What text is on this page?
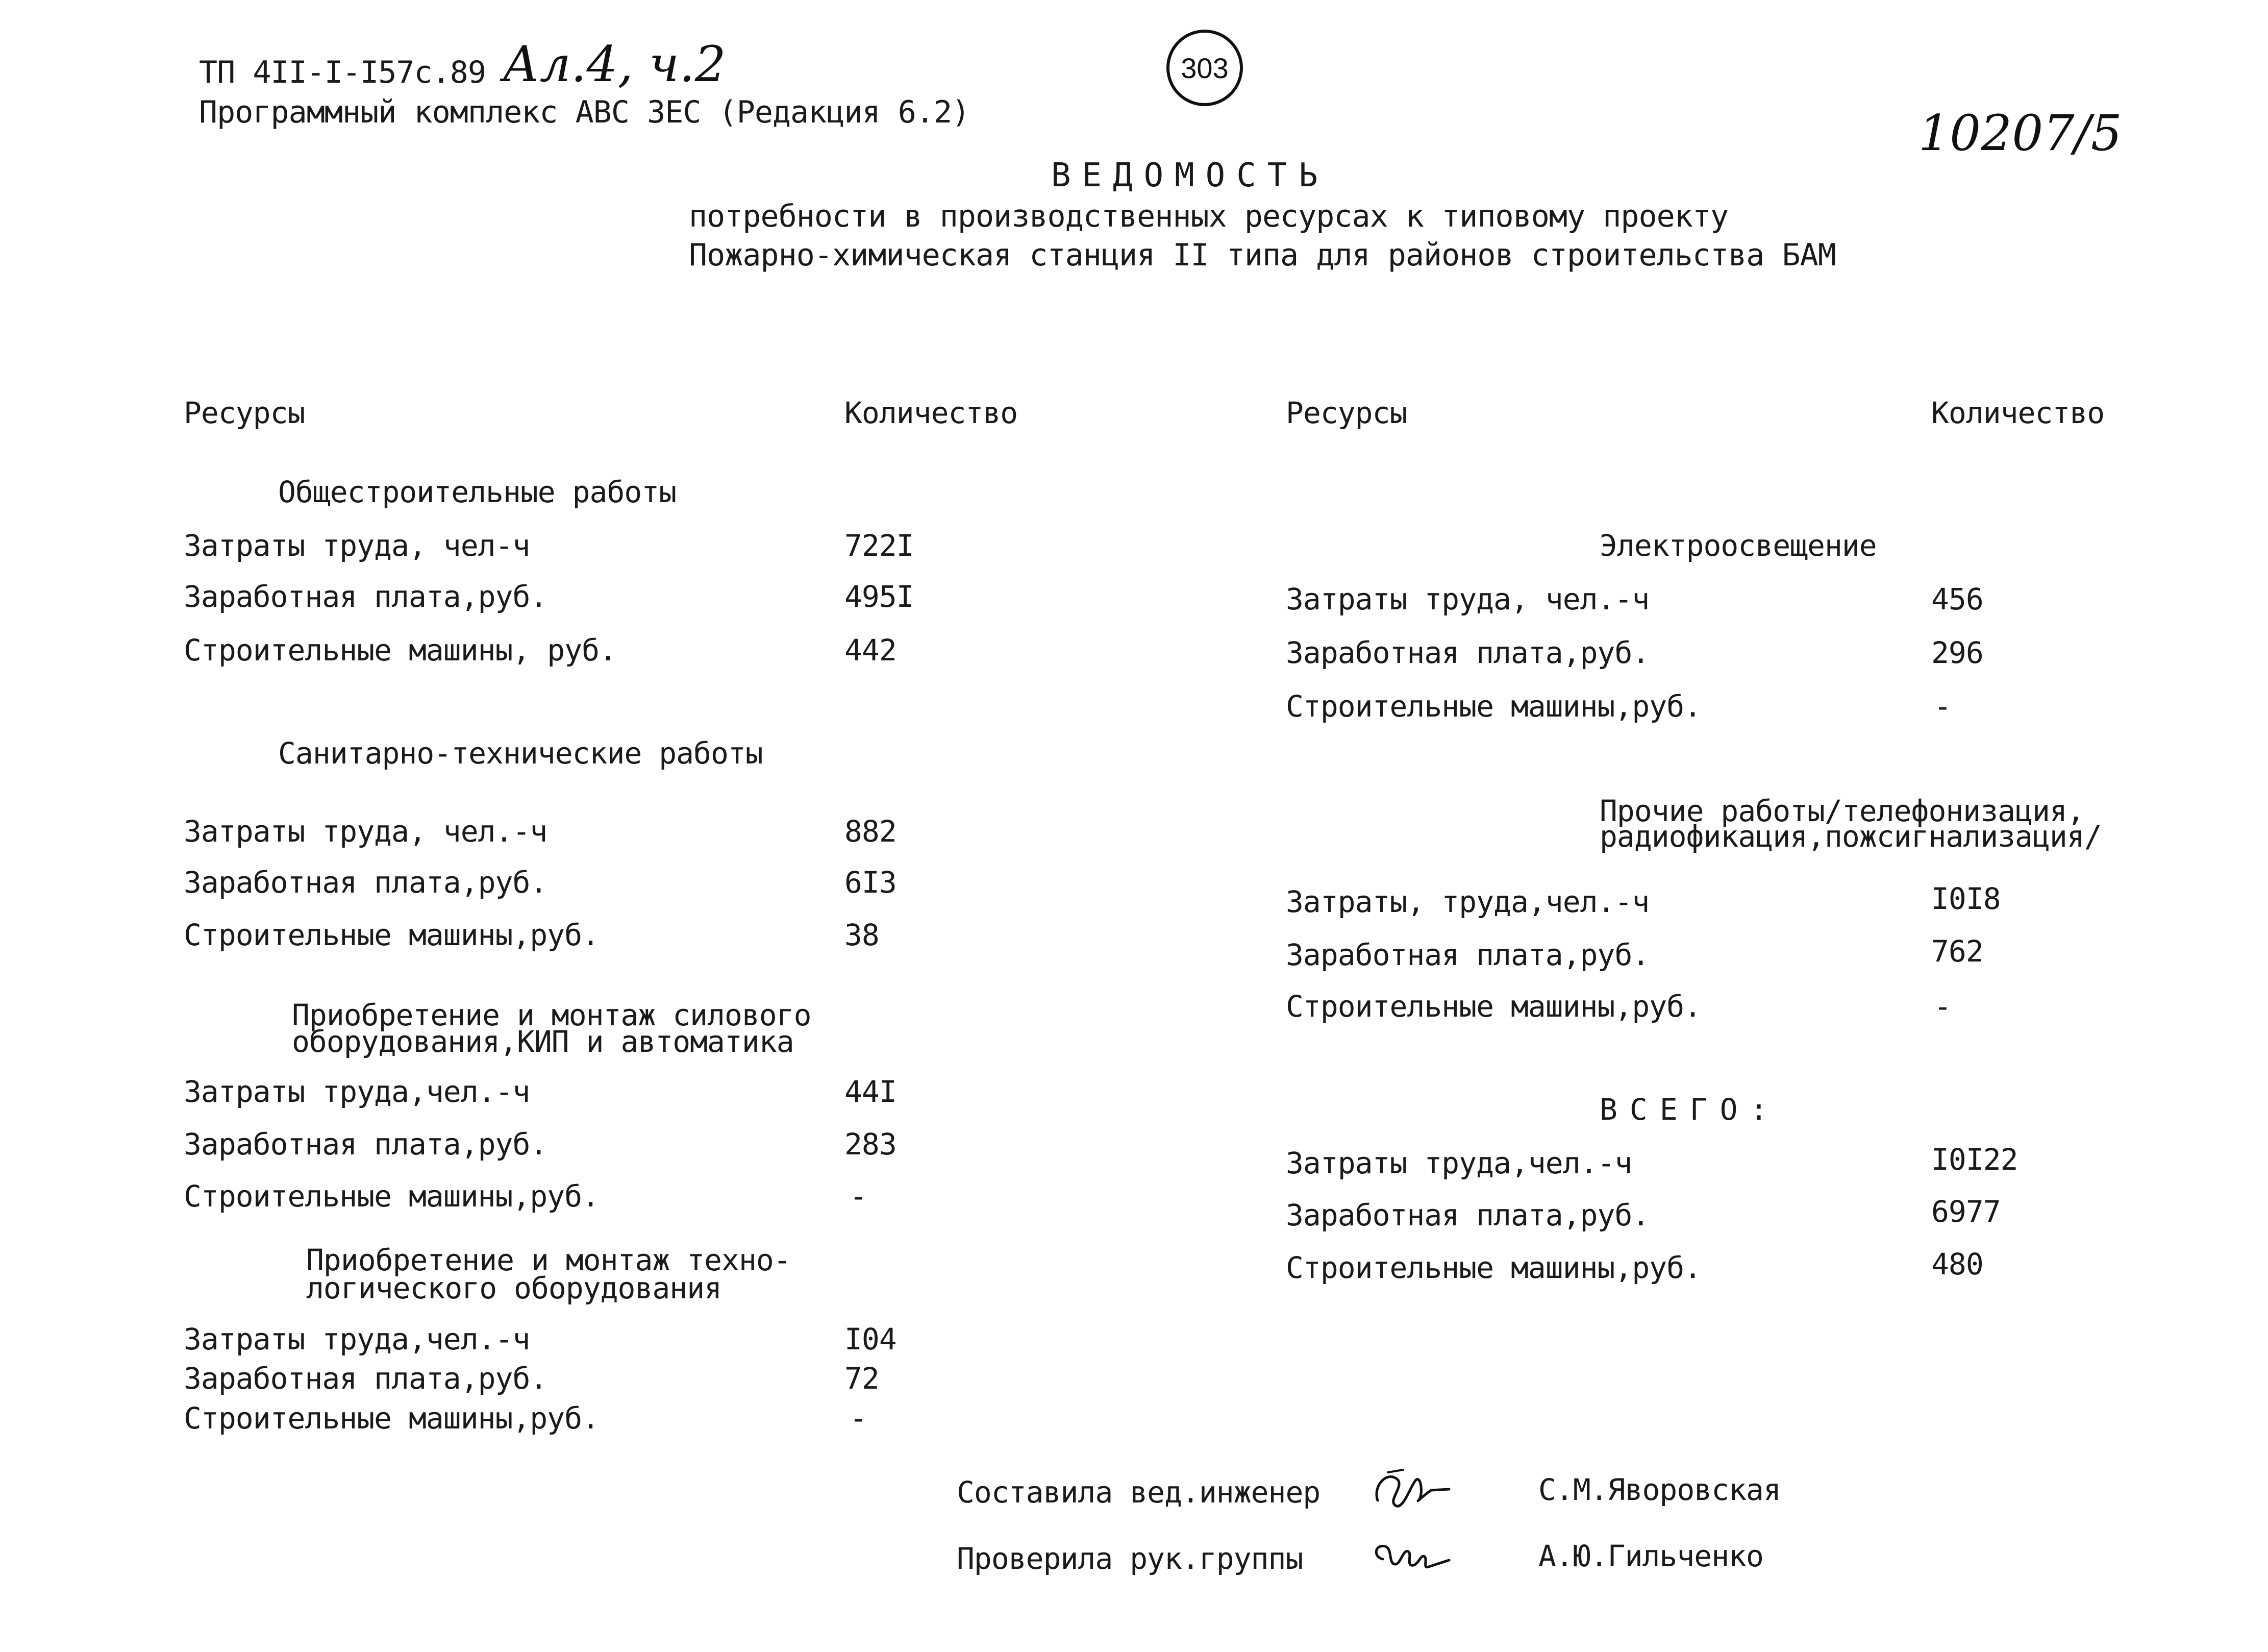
ТП 4II-I-I57с.89 Ал.4, ч.2
Программный комплекс АВС 3ЕС (Редакция 6.2)
303
10207/5
ВЕДОМОСТЬ
потребности в производственных ресурсах к типовому проекту
Пожарно-химическая станция II типа для районов строительства БАМ
Ресурсы	Количество	Ресурсы	Количество
Общестроительные работы
Затраты труда, чел-ч	722I
Заработная плата,руб.	495I
Строительные машины, руб.	442
Санитарно-технические работы
Затраты труда, чел.-ч	882
Заработная плата,руб.	6I3
Строительные машины,руб.	38
Приобретение и монтаж силового
оборудования,КИП и автоматика
Затраты труда,чел.-ч	44I
Заработная плата,руб.	283
Строительные машины,руб.	-
Приобретение и монтаж техно-
логического оборудования
Затраты труда,чел.-ч	I04
Заработная плата,руб.	72
Строительные машины,руб.	-
Электроосвещение
Затраты труда, чел.-ч	456
Заработная плата,руб.	296
Строительные машины,руб.	-
Прочие работы/телефонизация,
радиофикация,пожсигнализация/
Затраты, труда,чел.-ч	I0I8
Заработная плата,руб.	762
Строительные машины,руб.	-
ВСЕГО:
Затраты труда,чел.-ч	I0I22
Заработная плата,руб.	6977
Строительные машины,руб.	480
Составила вед.инженер	С.М.Яворовская
Проверила рук.группы	А.Ю.Гильченко
